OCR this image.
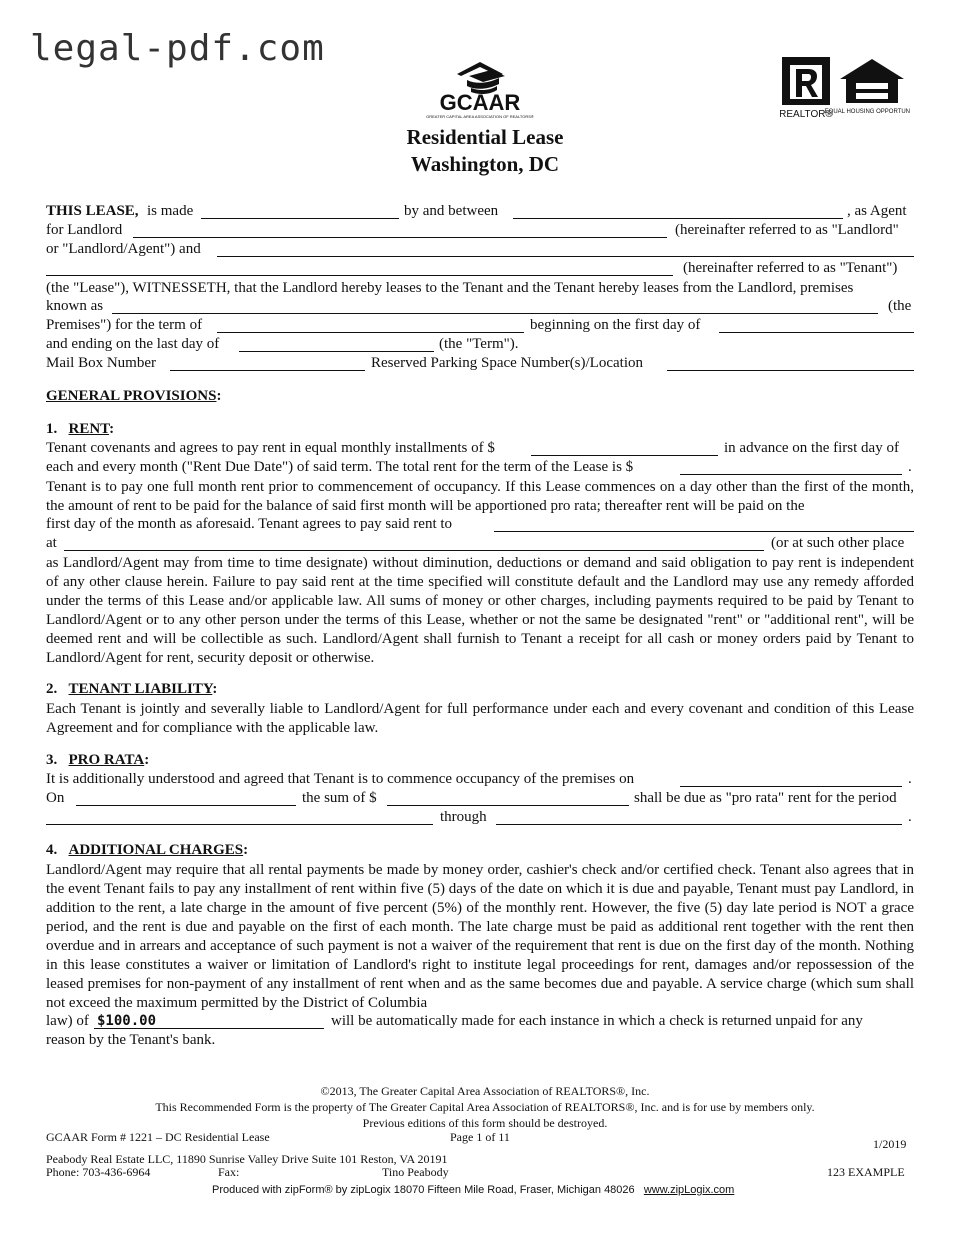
legal-pdf.com
GCAAR
GREATER CAPITAL AREA ASSOCIATION OF REALTORS®	REALTOR®
EQUAL HOUSING OPPORTUNITY
Residential Lease
Washington, DC
THIS LEASE, is made	by and between	, as Agent
for Landlord	(hereinafter referred to as "Landlord"
or "Landlord/Agent") and
(hereinafter referred to as "Tenant")
(the "Lease"), WITNESSETH, that the Landlord hereby leases to the Tenant and the Tenant hereby leases from the Landlord, premises
known as	(the
Premises") for the term of	beginning on the first day of
and ending on the last day of	(the "Term").
Mail Box Number	Reserved Parking Space Number(s)/Location
GENERAL PROVISIONS:
1. RENT:
Tenant covenants and agrees to pay rent in equal monthly installments of $	in advance on the first day of
each and every month ("Rent Due Date") of said term. The total rent for the term of the Lease is $	.
Tenant is to pay one full month rent prior to commencement of occupancy. If this Lease commences on a day other than the first of the month, the amount of rent to be paid for the balance of said first month will be apportioned pro rata; thereafter rent will be paid on the
first day of the month as aforesaid. Tenant agrees to pay said rent to
at	(or at such other place
as Landlord/Agent may from time to time designate) without diminution, deductions or demand and said obligation to pay rent is independent of any other clause herein. Failure to pay said rent at the time specified will constitute default and the Landlord may use any remedy afforded under the terms of this Lease and/or applicable law. All sums of money or other charges, including payments required to be paid by Tenant to Landlord/Agent or to any other person under the terms of this Lease, whether or not the same be designated "rent" or "additional rent", will be deemed rent and will be collectible as such. Landlord/Agent shall furnish to Tenant a receipt for all cash or money orders paid by Tenant to Landlord/Agent for rent, security deposit or otherwise.
2. TENANT LIABILITY:
Each Tenant is jointly and severally liable to Landlord/Agent for full performance under each and every covenant and condition of this Lease Agreement and for compliance with the applicable law.
3. PRO RATA:
It is additionally understood and agreed that Tenant is to commence occupancy of the premises on	.
On	the sum of $	shall be due as "pro rata" rent for the period
through	.
4. ADDITIONAL CHARGES:
Landlord/Agent may require that all rental payments be made by money order, cashier's check and/or certified check. Tenant also agrees that in the event Tenant fails to pay any installment of rent within five (5) days of the date on which it is due and payable, Tenant must pay Landlord, in addition to the rent, a late charge in the amount of five percent (5%) of the monthly rent. However, the five (5) day late period is NOT a grace period, and the rent is due and payable on the first of each month. The late charge must be paid as additional rent together with the rent then overdue and in arrears and acceptance of such payment is not a waiver of the requirement that rent is due on the first day of the month. Nothing in this lease constitutes a waiver or limitation of Landlord's right to institute legal proceedings for rent, damages and/or repossession of the leased premises for non-payment of any installment of rent when and as the same becomes due and payable. A service charge (which sum shall not exceed the maximum permitted by the District of Columbia
law) of $100.00	will be automatically made for each instance in which a check is returned unpaid for any
reason by the Tenant's bank.
©2013, The Greater Capital Area Association of REALTORS®, Inc.
This Recommended Form is the property of The Greater Capital Area Association of REALTORS®, Inc. and is for use by members only.
Previous editions of this form should be destroyed.
GCAAR Form # 1221 – DC Residential Lease	Page 1 of 11	1/2019
Peabody Real Estate LLC, 11890 Sunrise Valley Drive Suite 101 Reston, VA 20191
Phone: 703-436-6964	Fax:	Tino Peabody	123 EXAMPLE
Produced with zipForm® by zipLogix 18070 Fifteen Mile Road, Fraser, Michigan 48026 www.zipLogix.com
